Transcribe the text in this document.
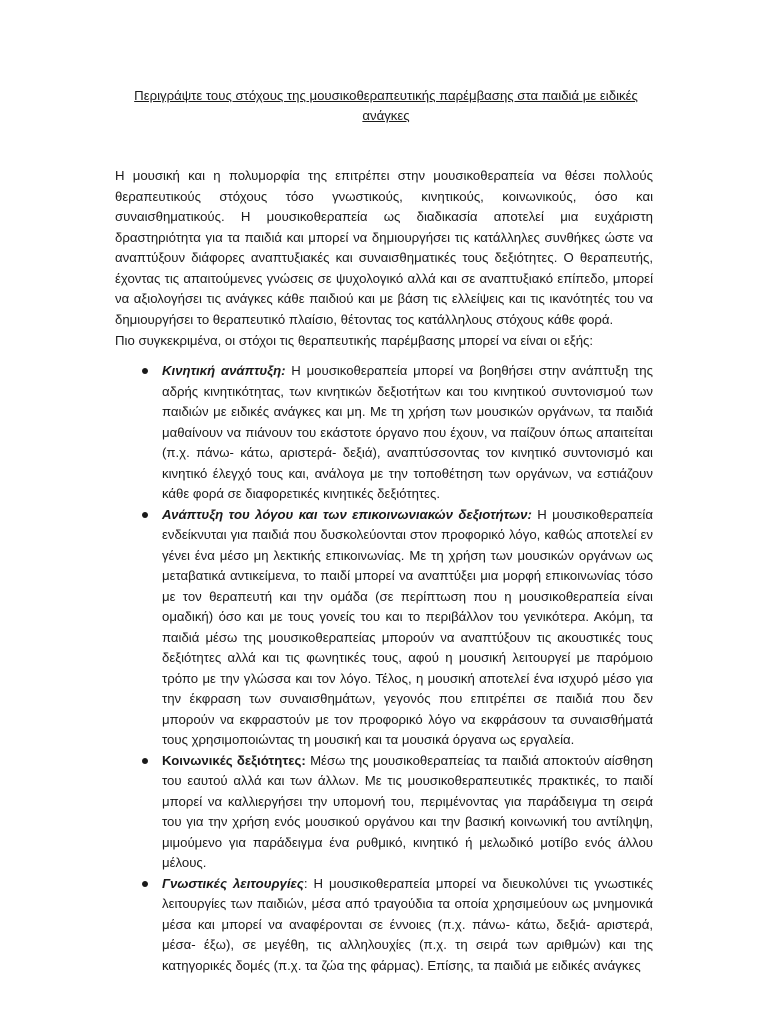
Περιγράψτε τους στόχους της μουσικοθεραπευτικής παρέμβασης στα παιδιά με ειδικές ανάγκες

Η μουσική και η πολυμορφία της επιτρέπει στην μουσικοθεραπεία να θέσει πολλούς θεραπευτικούς στόχους τόσο γνωστικούς, κινητικούς, κοινωνικούς, όσο και συναισθηματικούς. Η μουσικοθεραπεία ως διαδικασία αποτελεί μια ευχάριστη δραστηριότητα για τα παιδιά και μπορεί να δημιουργήσει τις κατάλληλες συνθήκες ώστε να αναπτύξουν διάφορες αναπτυξιακές και συναισθηματικές τους δεξιότητες. Ο θεραπευτής, έχοντας τις απαιτούμενες γνώσεις σε ψυχολογικό αλλά και σε αναπτυξιακό επίπεδο, μπορεί να αξιολογήσει τις ανάγκες κάθε παιδιού και με βάση τις ελλείψεις και τις ικανότητές του να δημιουργήσει το θεραπευτικό πλαίσιο, θέτοντας τος κατάλληλους στόχους κάθε φορά.

Πιο συγκεκριμένα, οι στόχοι τις θεραπευτικής παρέμβασης μπορεί να είναι οι εξής:

Κινητική ανάπτυξη: Η μουσικοθεραπεία μπορεί να βοηθήσει στην ανάπτυξη της αδρής κινητικότητας, των κινητικών δεξιοτήτων και του κινητικού συντονισμού των παιδιών με ειδικές ανάγκες και μη. Με τη χρήση των μουσικών οργάνων, τα παιδιά μαθαίνουν να πιάνουν του εκάστοτε όργανο που έχουν, να παίζουν όπως απαιτείται (π.χ. πάνω- κάτω, αριστερά- δεξιά), αναπτύσσοντας τον κινητικό συντονισμό και κινητικό έλεγχό τους και, ανάλογα με την τοποθέτηση των οργάνων, να εστιάζουν κάθε φορά σε διαφορετικές κινητικές δεξιότητες.
Ανάπτυξη του λόγου και των επικοινωνιακών δεξιοτήτων: Η μουσικοθεραπεία ενδείκνυται για παιδιά που δυσκολεύονται στον προφορικό λόγο, καθώς αποτελεί εν γένει ένα μέσο μη λεκτικής επικοινωνίας. Με τη χρήση των μουσικών οργάνων ως μεταβατικά αντικείμενα, το παιδί μπορεί να αναπτύξει μια μορφή επικοινωνίας τόσο με τον θεραπευτή και την ομάδα (σε περίπτωση που η μουσικοθεραπεία είναι ομαδική) όσο και με τους γονείς του και το περιβάλλον του γενικότερα. Ακόμη, τα παιδιά μέσω της μουσικοθεραπείας μπορούν να αναπτύξουν τις ακουστικές τους δεξιότητες αλλά και τις φωνητικές τους, αφού η μουσική λειτουργεί με παρόμοιο τρόπο με την γλώσσα και τον λόγο. Τέλος, η μουσική αποτελεί ένα ισχυρό μέσο για την έκφραση των συναισθημάτων, γεγονός που επιτρέπει σε παιδιά που δεν μπορούν να εκφραστούν με τον προφορικό λόγο να εκφράσουν τα συναισθήματά τους χρησιμοποιώντας τη μουσική και τα μουσικά όργανα ως εργαλεία.
Κοινωνικές δεξιότητες: Μέσω της μουσικοθεραπείας τα παιδιά αποκτούν αίσθηση του εαυτού αλλά και των άλλων. Με τις μουσικοθεραπευτικές πρακτικές, το παιδί μπορεί να καλλιεργήσει την υπομονή του, περιμένοντας για παράδειγμα τη σειρά του για την χρήση ενός μουσικού οργάνου και την βασική κοινωνική του αντίληψη, μιμούμενο για παράδειγμα ένα ρυθμικό, κινητικό ή μελωδικό μοτίβο ενός άλλου μέλους.
Γνωστικές λειτουργίες: Η μουσικοθεραπεία μπορεί να διευκολύνει τις γνωστικές λειτουργίες των παιδιών, μέσα από τραγούδια τα οποία χρησιμεύουν ως μνημονικά μέσα και μπορεί να αναφέρονται σε έννοιες (π.χ. πάνω- κάτω, δεξιά- αριστερά, μέσα- έξω), σε μεγέθη, τις αλληλουχίες (π.χ. τη σειρά των αριθμών) και της κατηγορικές δομές (π.χ. τα ζώα της φάρμας). Επίσης, τα παιδιά με ειδικές ανάγκες
